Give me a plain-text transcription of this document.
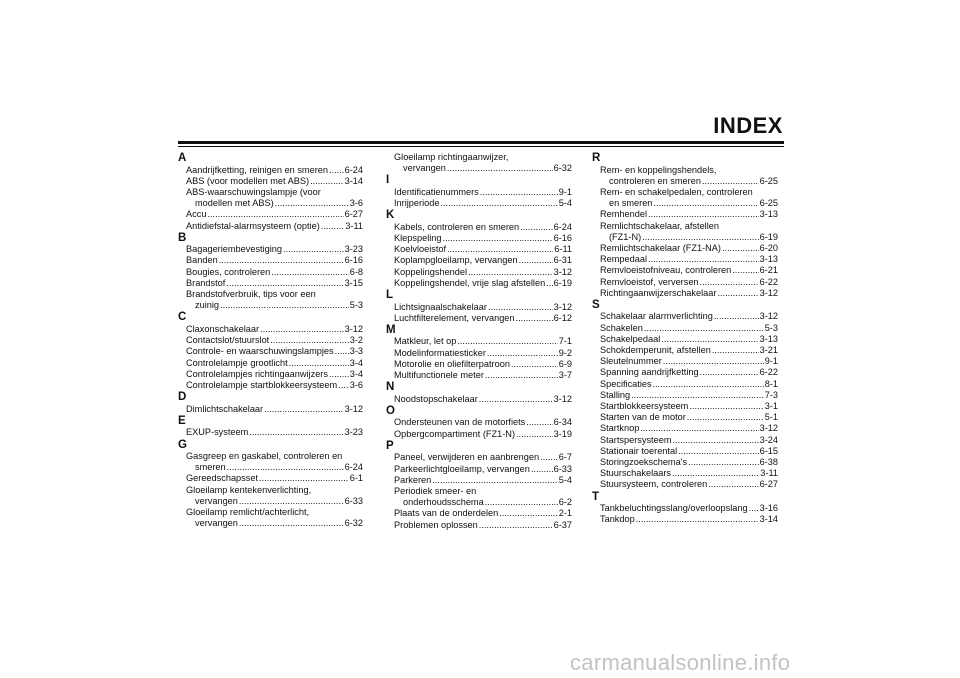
INDEX
A
Aandrijfketting, reinigen en smeren ..... 6-24
ABS (voor modellen met ABS) .....	3-14
ABS-waarschuwingslampje (voor
modellen met ABS) .....	3-6
Accu .....	6-27
Antidiefstal-alarmsysteem (optie) .....	3-11
B
Bagageriembevestiging .....	3-23
Banden .....	6-16
Bougies, controleren .....	6-8
Brandstof .....	3-15
Brandstofverbruik, tips voor een
zuinig .....	5-3
C
Claxonschakelaar .....	3-12
Contactslot/stuurslot .....	3-2
Controle- en waarschuwingslampjes ..... 3-3
Controlelampje grootlicht .....	3-4
Controlelampjes richtingaanwijzers ..... 3-4
Controlelampje startblokkeersysteem ..... 3-6
D
Dimlichtschakelaar .....	3-12
E
EXUP-systeem .....	3-23
G
Gasgreep en gaskabel, controleren en
smeren .....	6-24
Gereedschapsset .....	6-1
Gloeilamp kentekenverlichting,
vervangen .....	6-33
Gloeilamp remlicht/achterlicht,
vervangen .....	6-32
Gloeilamp richtingaanwijzer,
vervangen .....	6-32
I
Identificatienummers .....	9-1
Inrijperiode .....	5-4
K
Kabels, controleren en smeren .....	6-24
Klepspeling .....	6-16
Koelvloeistof .....	6-11
Koplampgloeilamp, vervangen .....	6-31
Koppelingshendel .....	3-12
Koppelingshendel, vrije slag afstellen ..... 6-19
L
Lichtsignaalschakelaar .....	3-12
Luchtfilterelement, vervangen .....	6-12
M
Matkleur, let op .....	7-1
Modelinformatiesticker .....	9-2
Motorolie en oliefilterpatroon .....	6-9
Multifunctionele meter .....	3-7
N
Noodstopschakelaar .....	3-12
O
Ondersteunen van de motorfiets .....	6-34
Opbergcompartiment (FZ1-N) .....	3-19
P
Paneel, verwijderen en aanbrengen ..... 6-7
Parkeerlichtgloeilamp, vervangen .....	6-33
Parkeren .....	5-4
Periodiek smeer- en
onderhoudsschema .....	6-2
Plaats van de onderdelen .....	2-1
Problemen oplossen .....	6-37
R
Rem- en koppelingshendels,
controleren en smeren .....	6-25
Rem- en schakelpedalen, controleren
en smeren .....	6-25
Remhendel .....	3-13
Remlichtschakelaar, afstellen
(FZ1-N) .....	6-19
Remlichtschakelaar (FZ1-NA) .....	6-20
Rempedaal .....	3-13
Remvloeistofniveau, controleren .....	6-21
Remvloeistof, verversen .....	6-22
Richtingaanwijzerschakelaar .....	3-12
S
Schakelaar alarmverlichting .....	3-12
Schakelen .....	5-3
Schakelpedaal .....	3-13
Schokdemperunit, afstellen .....	3-21
Sleutelnummer .....	9-1
Spanning aandrijfketting .....	6-22
Specificaties .....	8-1
Stalling .....	7-3
Startblokkeersysteem .....	3-1
Starten van de motor .....	5-1
Startknop .....	3-12
Startspersysteem .....	3-24
Stationair toerental .....	6-15
Storingzoekschema's .....	6-38
Stuurschakelaars .....	3-11
Stuursysteem, controleren .....	6-27
T
Tankbeluchtingsslang/overloopslang ..... 3-16
Tankdop .....	3-14
carmanualsonline.info
